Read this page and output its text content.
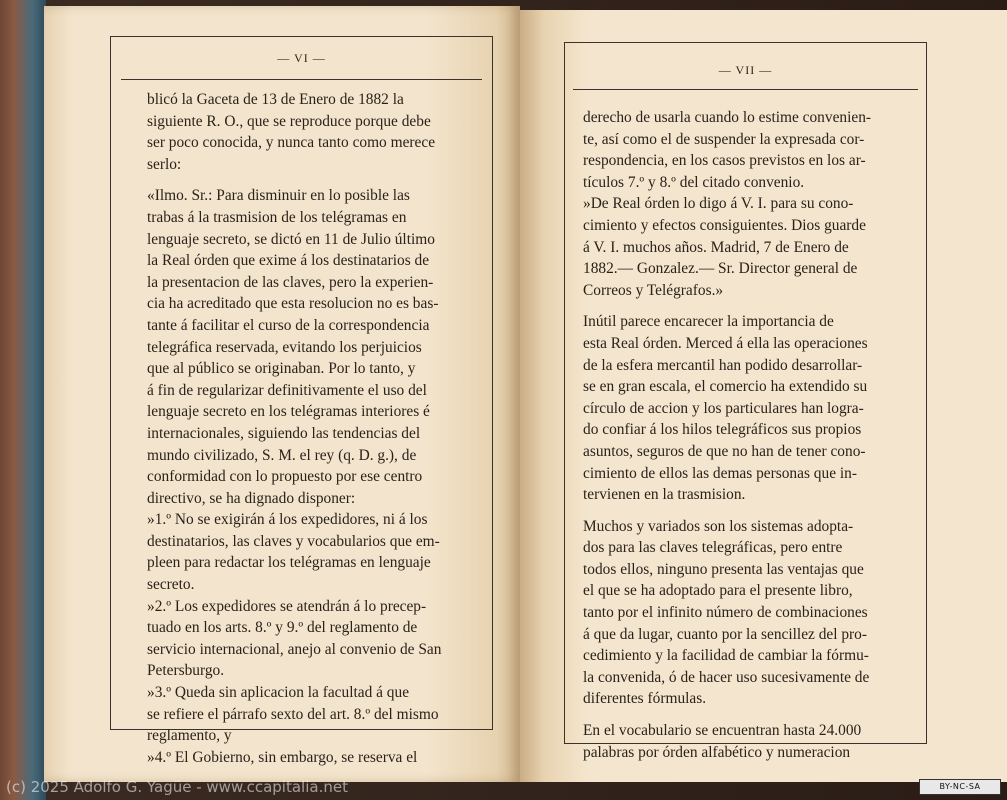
— VI —

blicó la Gaceta de 13 de Enero de 1882 la

siguiente R. O., que se reproduce porque debe

ser poco conocida, y nunca tanto como merece

serlo:

«Ilmo. Sr.: Para disminuir en lo posible las

trabas á la trasmision de los telégramas en

lenguaje secreto, se dictó en 11 de Julio último

la Real órden que exime á los destinatarios de

la presentacion de las claves, pero la experien-

cia ha acreditado que esta resolucion no es bas-

tante á facilitar el curso de la correspondencia

telegráfica reservada, evitando los perjuicios

que al público se originaban. Por lo tanto, y

á fin de regularizar definitivamente el uso del

lenguaje secreto en los telégramas interiores é

internacionales, siguiendo las tendencias del

mundo civilizado, S. M. el rey (q. D. g.), de

conformidad con lo propuesto por ese centro

directivo, se ha dignado disponer:

»1.º No se exigirán á los expedidores, ni á los

destinatarios, las claves y vocabularios que em-

pleen para redactar los telégramas en lenguaje

secreto.

»2.º Los expedidores se atendrán á lo precep-

tuado en los arts. 8.º y 9.º del reglamento de

servicio internacional, anejo al convenio de San

Petersburgo.

»3.º Queda sin aplicacion la facultad á que

se refiere el párrafo sexto del art. 8.º del mismo

reglamento, y

»4.º El Gobierno, sin embargo, se reserva el

— VII —

derecho de usarla cuando lo estime convenien-

te, así como el de suspender la expresada cor-

respondencia, en los casos previstos en los ar-

tículos 7.º y 8.º del citado convenio.

»De Real órden lo digo á V. I. para su cono-

cimiento y efectos consiguientes. Dios guarde

á V. I. muchos años. Madrid, 7 de Enero de

1882.— Gonzalez.— Sr. Director general de

Correos y Telégrafos.»

Inútil parece encarecer la importancia de

esta Real órden. Merced á ella las operaciones

de la esfera mercantil han podido desarrollar-

se en gran escala, el comercio ha extendido su

círculo de accion y los particulares han logra-

do confiar á los hilos telegráficos sus propios

asuntos, seguros de que no han de tener cono-

cimiento de ellos las demas personas que in-

tervienen en la trasmision.

Muchos y variados son los sistemas adopta-

dos para las claves telegráficas, pero entre

todos ellos, ninguno presenta las ventajas que

el que se ha adoptado para el presente libro,

tanto por el infinito número de combinaciones

á que da lugar, cuanto por la sencillez del pro-

cedimiento y la facilidad de cambiar la fórmu-

la convenida, ó de hacer uso sucesivamente de

diferentes fórmulas.

En el vocabulario se encuentran hasta 24.000

palabras por órden alfabético y numeracion

(c) 2025 Adolfo G. Yagüe - www.ccapitalia.net	BY-NC-SA
